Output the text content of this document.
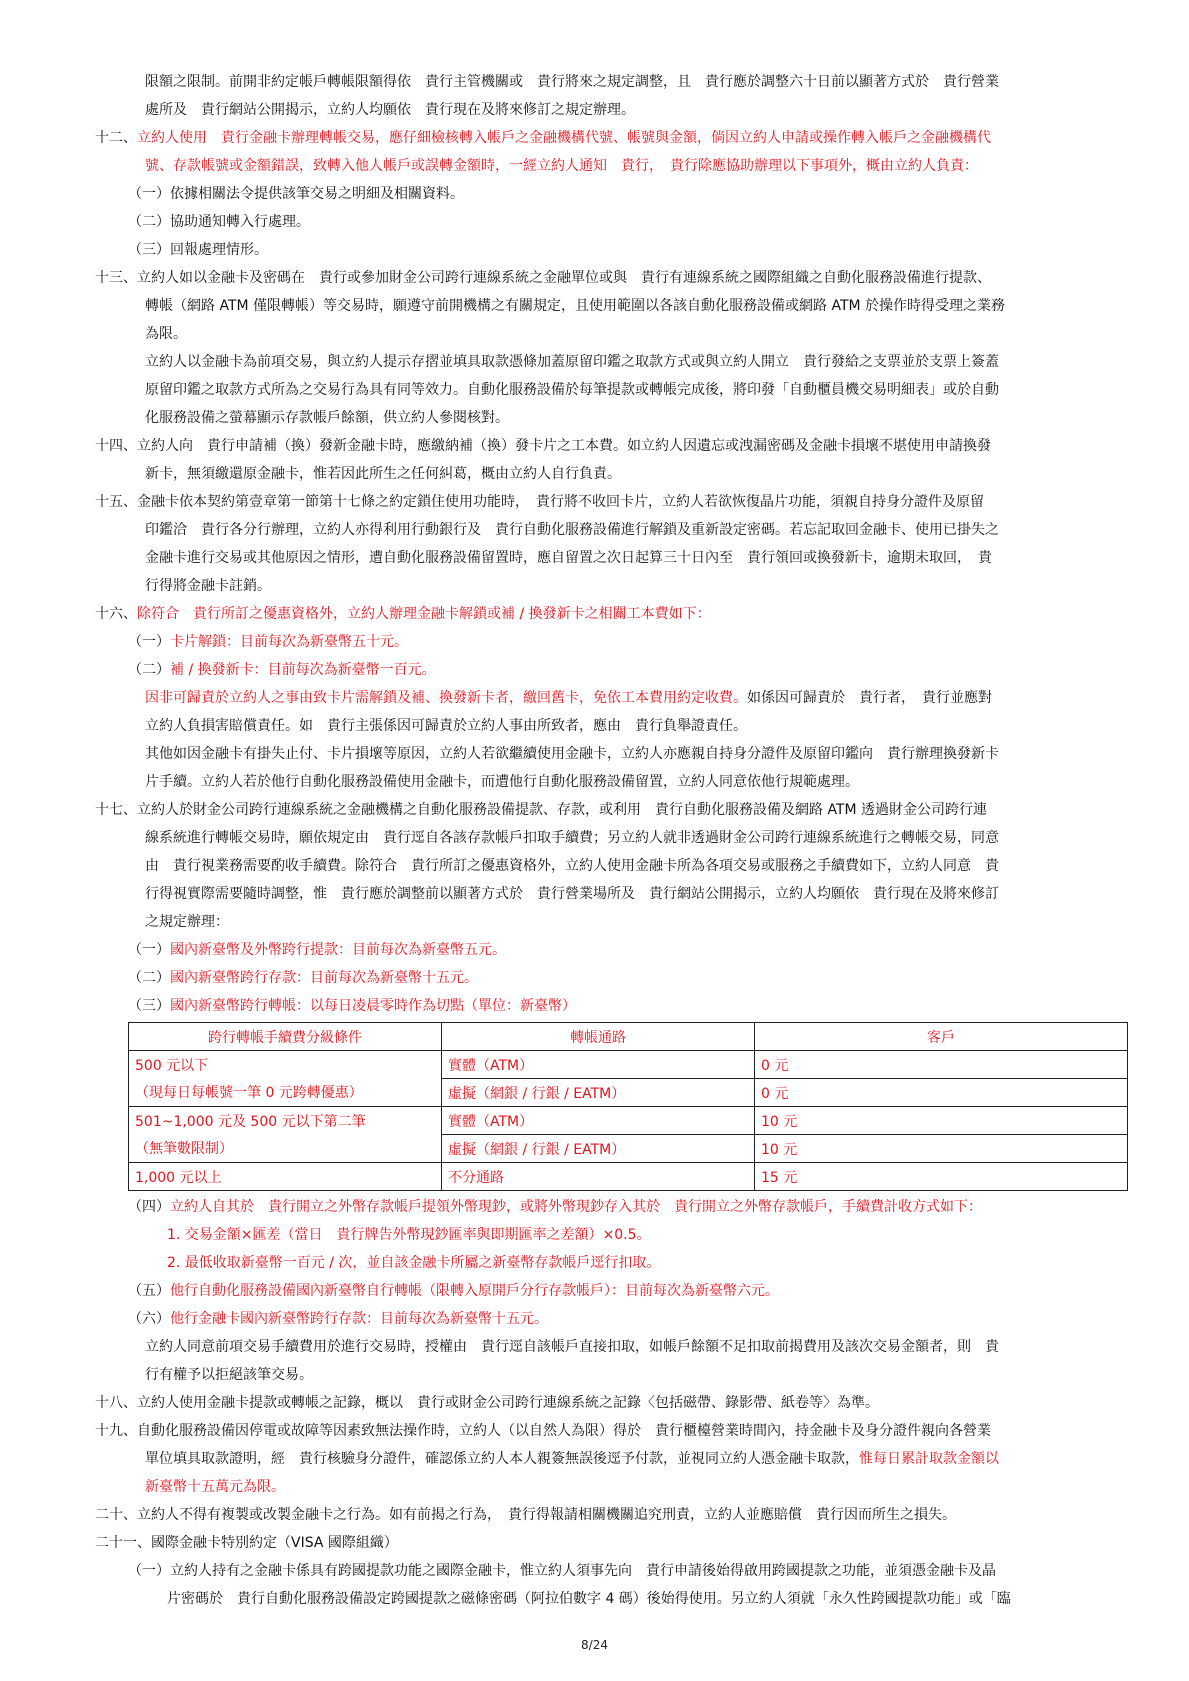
限額之限制。前開非約定帳戶轉帳限額得依　貴行主管機關或　貴行將來之規定調整，且　貴行應於調整六十日前以顯著方式於　貴行營業

處所及　貴行網站公開揭示，立約人均願依　貴行現在及將來修訂之規定辦理。

十二、立約人使用　貴行金融卡辦理轉帳交易，應仔細檢核轉入帳戶之金融機構代號、帳號與金額，倘因立約人申請或操作轉入帳戶之金融機構代

號、存款帳號或金額錯誤，致轉入他人帳戶或誤轉金額時，一經立約人通知　貴行，　貴行除應協助辦理以下事項外，概由立約人負責：

（一）依據相關法令提供該筆交易之明細及相關資料。

（二）協助通知轉入行處理。

（三）回報處理情形。

十三、立約人如以金融卡及密碼在　貴行或參加財金公司跨行連線系統之金融單位或與　貴行有連線系統之國際組織之自動化服務設備進行提款、

轉帳（網路 ATM 僅限轉帳）等交易時，願遵守前開機構之有關規定，且使用範圍以各該自動化服務設備或網路 ATM 於操作時得受理之業務

為限。

立約人以金融卡為前項交易，與立約人提示存摺並填具取款憑條加蓋原留印鑑之取款方式或與立約人開立　貴行發給之支票並於支票上簽蓋

原留印鑑之取款方式所為之交易行為具有同等效力。自動化服務設備於每筆提款或轉帳完成後，將印發「自動櫃員機交易明細表」或於自動

化服務設備之螢幕顯示存款帳戶餘額，供立約人參閱核對。

十四、立約人向　貴行申請補（換）發新金融卡時，應繳納補（換）發卡片之工本費。如立約人因遺忘或洩漏密碼及金融卡損壞不堪使用申請換發

新卡，無須繳還原金融卡，惟若因此所生之任何糾葛，概由立約人自行負責。

十五、金融卡依本契約第壹章第一節第十七條之約定鎖住使用功能時，　貴行將不收回卡片，立約人若欲恢復晶片功能，須親自持身分證件及原留

印鑑洽　貴行各分行辦理，立約人亦得利用行動銀行及　貴行自動化服務設備進行解鎖及重新設定密碼。若忘記取回金融卡、使用已掛失之

金融卡進行交易或其他原因之情形，遭自動化服務設備留置時，應自留置之次日起算三十日內至　貴行領回或換發新卡，逾期未取回，　貴

行得將金融卡註銷。

十六、除符合　貴行所訂之優惠資格外，立約人辦理金融卡解鎖或補 / 換發新卡之相關工本費如下：

（一）卡片解鎖：目前每次為新臺幣五十元。

（二）補 / 換發新卡：目前每次為新臺幣一百元。

因非可歸責於立約人之事由致卡片需解鎖及補、換發新卡者，繳回舊卡，免依工本費用約定收費。如係因可歸責於　貴行者，　貴行並應對

立約人負損害賠償責任。如　貴行主張係因可歸責於立約人事由所致者，應由　貴行負舉證責任。

其他如因金融卡有掛失止付、卡片損壞等原因，立約人若欲繼續使用金融卡，立約人亦應親自持身分證件及原留印鑑向　貴行辦理換發新卡

片手續。立約人若於他行自動化服務設備使用金融卡，而遭他行自動化服務設備留置，立約人同意依他行規範處理。

十七、立約人於財金公司跨行連線系統之金融機構之自動化服務設備提款、存款，或利用　貴行自動化服務設備及網路 ATM 透過財金公司跨行連

線系統進行轉帳交易時，願依規定由　貴行逕自各該存款帳戶扣取手續費；另立約人就非透過財金公司跨行連線系統進行之轉帳交易，同意

由　貴行視業務需要酌收手續費。除符合　貴行所訂之優惠資格外，立約人使用金融卡所為各項交易或服務之手續費如下，立約人同意　貴

行得視實際需要隨時調整，惟　貴行應於調整前以顯著方式於　貴行營業場所及　貴行網站公開揭示，立約人均願依　貴行現在及將來修訂

之規定辦理：

（一）國內新臺幣及外幣跨行提款：目前每次為新臺幣五元。

（二）國內新臺幣跨行存款：目前每次為新臺幣十五元。

（三）國內新臺幣跨行轉帳：以每日凌晨零時作為切點（單位：新臺幣）

跨行轉帳手續費分級條件	轉帳通路	客戶
500 元以下	實體（ATM）	0 元
（現每日每帳號一筆 0 元跨轉優惠）	虛擬（網銀 / 行銀 / EATM）	0 元
501~1,000 元及 500 元以下第二筆	實體（ATM）	10 元
（無筆數限制）	虛擬（網銀 / 行銀 / EATM）	10 元
1,000 元以上	不分通路	15 元

（四）立約人自其於　貴行開立之外幣存款帳戶提領外幣現鈔，或將外幣現鈔存入其於　貴行開立之外幣存款帳戶，手續費計收方式如下：

1. 交易金額×匯差（當日　貴行牌告外幣現鈔匯率與即期匯率之差額）×0.5。

2. 最低收取新臺幣一百元 / 次，並自該金融卡所屬之新臺幣存款帳戶逕行扣取。

（五）他行自動化服務設備國內新臺幣自行轉帳（限轉入原開戶分行存款帳戶）：目前每次為新臺幣六元。

（六）他行金融卡國內新臺幣跨行存款：目前每次為新臺幣十五元。

立約人同意前項交易手續費用於進行交易時，授權由　貴行逕自該帳戶直接扣取，如帳戶餘額不足扣取前揭費用及該次交易金額者，則　貴

行有權予以拒絕該筆交易。

十八、立約人使用金融卡提款或轉帳之記錄，概以　貴行或財金公司跨行連線系統之記錄〈包括磁帶、錄影帶、紙卷等〉為準。

十九、自動化服務設備因停電或故障等因素致無法操作時，立約人（以自然人為限）得於　貴行櫃檯營業時間內，持金融卡及身分證件親向各營業

單位填具取款證明，經　貴行核驗身分證件，確認係立約人本人親簽無誤後逕予付款，並視同立約人憑金融卡取款，惟每日累計取款金額以

新臺幣十五萬元為限。

二十、立約人不得有複製或改製金融卡之行為。如有前揭之行為，　貴行得報請相關機關追究刑責，立約人並應賠償　貴行因而所生之損失。

二十一、國際金融卡特別約定（VISA 國際組織）

（一）立約人持有之金融卡係具有跨國提款功能之國際金融卡，惟立約人須事先向　貴行申請後始得啟用跨國提款之功能，並須憑金融卡及晶

片密碼於　貴行自動化服務設備設定跨國提款之磁條密碼（阿拉伯數字 4 碼）後始得使用。另立約人須就「永久性跨國提款功能」或「臨

8/24
